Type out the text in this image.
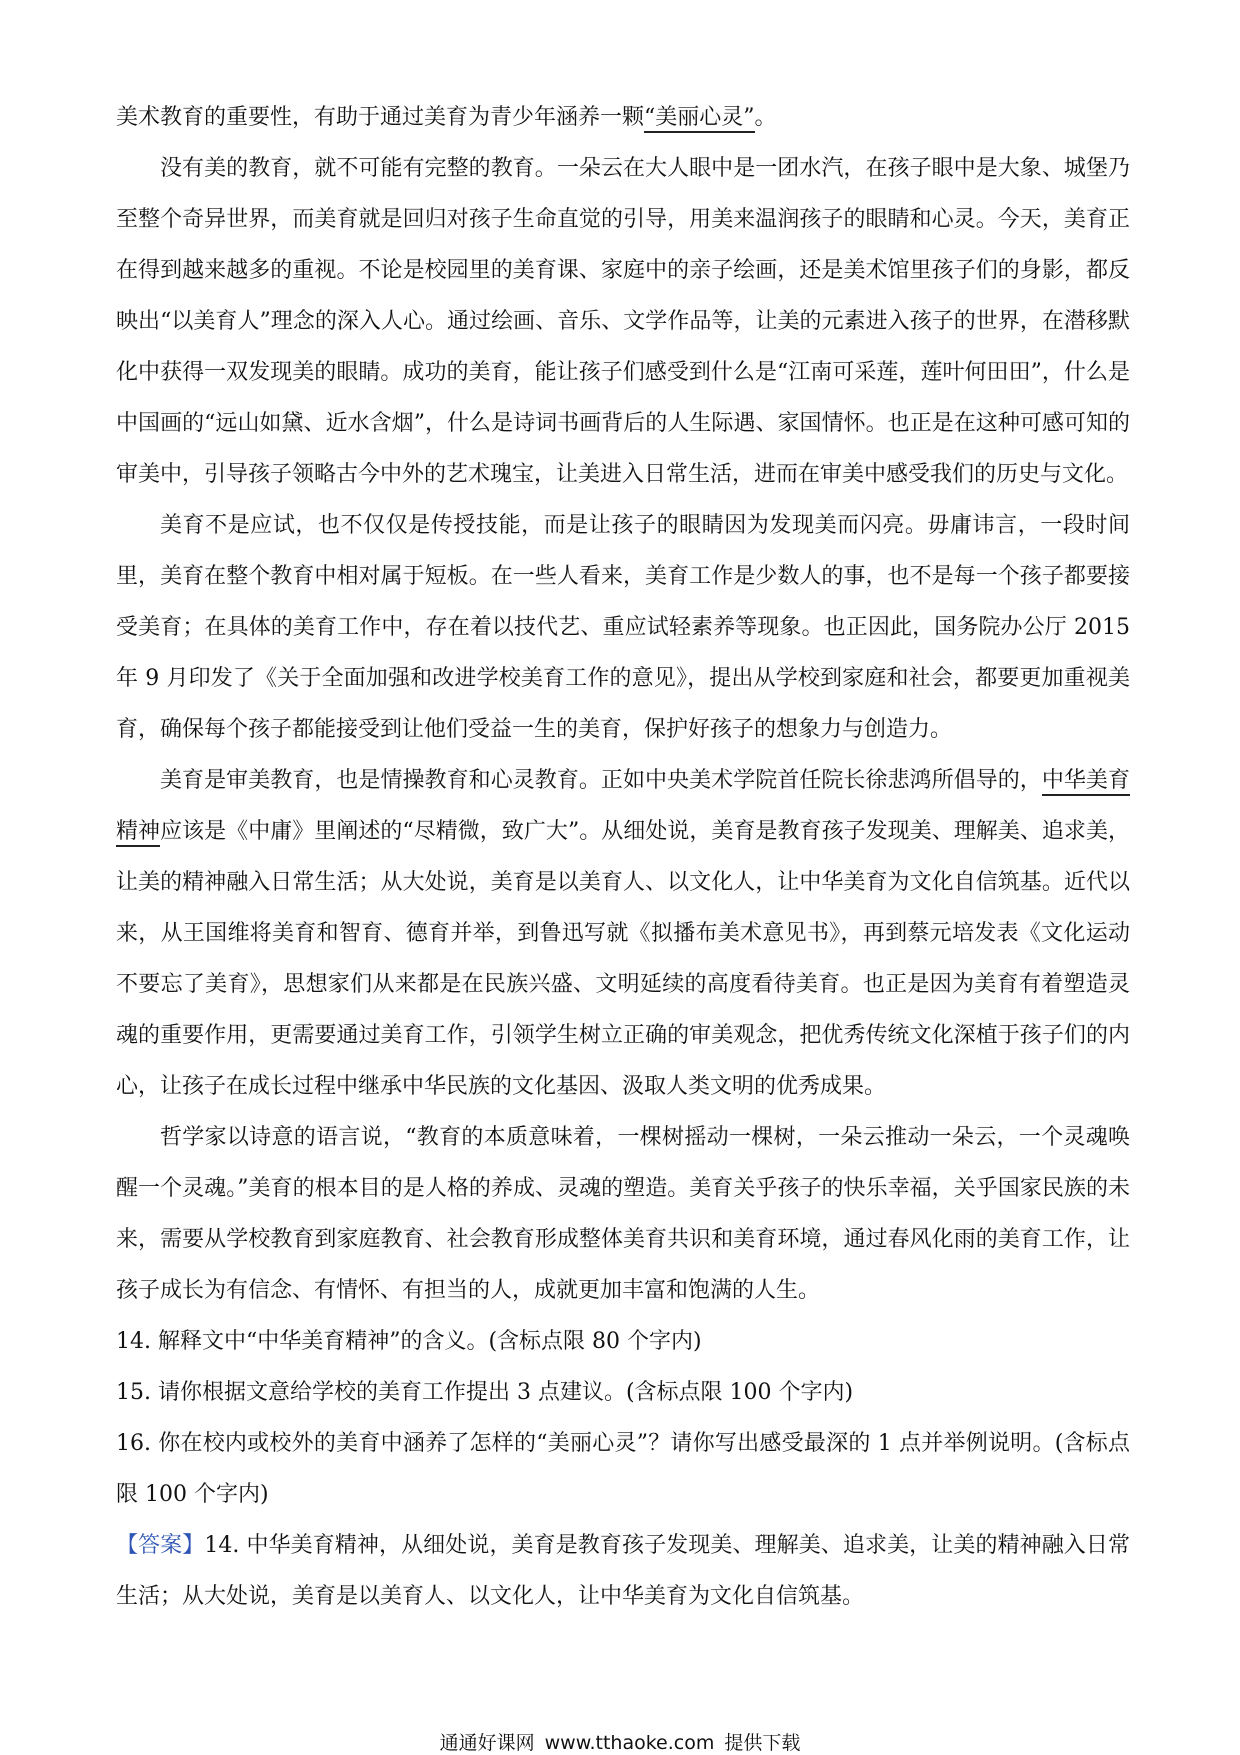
美术教育的重要性，有助于通过美育为青少年涵养一颗“美丽心灵”。

没有美的教育，就不可能有完整的教育。一朵云在大人眼中是一团水汽，在孩子眼中是大象、城堡乃至整个奇异世界，而美育就是回归对孩子生命直觉的引导，用美来温润孩子的眼睛和心灵。今天，美育正在得到越来越多的重视。不论是校园里的美育课、家庭中的亲子绘画，还是美术馆里孩子们的身影，都反映出“以美育人”理念的深入人心。通过绘画、音乐、文学作品等，让美的元素进入孩子的世界，在潜移默化中获得一双发现美的眼睛。成功的美育，能让孩子们感受到什么是“江南可采莲，莲叶何田田”，什么是中国画的“远山如黛、近水含烟”，什么是诗词书画背后的人生际遇、家国情怀。也正是在这种可感可知的审美中，引导孩子领略古今中外的艺术瑰宝，让美进入日常生活，进而在审美中感受我们的历史与文化。

美育不是应试，也不仅仅是传授技能，而是让孩子的眼睛因为发现美而闪亮。毋庸讳言，一段时间里，美育在整个教育中相对属于短板。在一些人看来，美育工作是少数人的事，也不是每一个孩子都要接受美育；在具体的美育工作中，存在着以技代艺、重应试轻素养等现象。也正因此，国务院办公厅 2015 年 9 月印发了《关于全面加强和改进学校美育工作的意见》，提出从学校到家庭和社会，都要更加重视美育，确保每个孩子都能接受到让他们受益一生的美育，保护好孩子的想象力与创造力。

美育是审美教育，也是情操教育和心灵教育。正如中央美术学院首任院长徐悲鸿所倡导的，中华美育精神应该是《中庸》里阐述的“尽精微，致广大”。从细处说，美育是教育孩子发现美、理解美、追求美，让美的精神融入日常生活；从大处说，美育是以美育人、以文化人，让中华美育为文化自信筑基。近代以来，从王国维将美育和智育、德育并举，到鲁迅写就《拟播布美术意见书》，再到蔡元培发表《文化运动不要忘了美育》，思想家们从来都是在民族兴盛、文明延续的高度看待美育。也正是因为美育有着塑造灵魂的重要作用，更需要通过美育工作，引领学生树立正确的审美观念，把优秀传统文化深植于孩子们的内心，让孩子在成长过程中继承中华民族的文化基因、汲取人类文明的优秀成果。

哲学家以诗意的语言说，“教育的本质意味着，一棵树摇动一棵树，一朵云推动一朵云，一个灵魂唤醒一个灵魂。”美育的根本目的是人格的养成、灵魂的塑造。美育关乎孩子的快乐幸福，关乎国家民族的未来，需要从学校教育到家庭教育、社会教育形成整体美育共识和美育环境，通过春风化雨的美育工作，让孩子成长为有信念、有情怀、有担当的人，成就更加丰富和饱满的人生。

14. 解释文中“中华美育精神”的含义。(含标点限 80 个字内)

15. 请你根据文意给学校的美育工作提出 3 点建议。(含标点限 100 个字内)

16. 你在校内或校外的美育中涵养了怎样的“美丽心灵”？请你写出感受最深的 1 点并举例说明。(含标点限 100 个字内)

【答案】14. 中华美育精神，从细处说，美育是教育孩子发现美、理解美、追求美，让美的精神融入日常生活；从大处说，美育是以美育人、以文化人，让中华美育为文化自信筑基。

通通好课网 www.tthaoke.com 提供下载
